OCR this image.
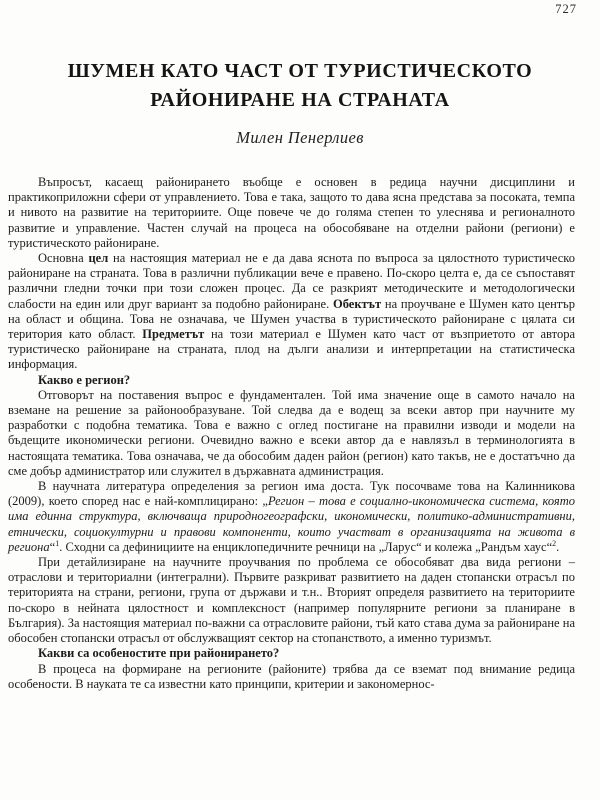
727
ШУМЕН КАТО ЧАСТ ОТ ТУРИСТИЧЕСКОТО
РАЙОНИРАНЕ НА СТРАНАТА
Милен Пенерлиев

Въпросът, касаещ районирането въобще е основен в редица научни дисциплини и практикоприложни сфери от управлението. Това е така, защото то дава ясна представа за посоката, темпа и нивото на развитие на териториите. Още повече че до голяма степен то улеснява и регионалното развитие и управление. Частен случай на процеса на обособяване на отделни райони (региони) е туристическото райониране.

Основна цел на настоящия материал не е да дава яснота по въпроса за цялостното туристическо райониране на страната. Това в различни публикации вече е правено. По-скоро целта е, да се съпоставят различни гледни точки при този сложен процес. Да се разкрият методическите и методологически слабости на един или друг вариант за подобно райониране. Обектът на проучване е Шумен като център на област и община. Това не означава, че Шумен участва в туристическото райониране с цялата си територия като област. Предметът на този материал е Шумен като част от възприетото от автора туристическо райониране на страната, плод на дълги анализи и интерпретации на статистическа информация.

Какво е регион?

Отговорът на поставения въпрос е фундаментален. Той има значение още в самото начало на вземане на решение за районообразуване. Той следва да е водещ за всеки автор при научните му разработки с подобна тематика. Това е важно с оглед постигане на правилни изводи и модели на бъдещите икономически региони. Очевидно важно е всеки автор да е навлязъл в терминологията в настоящата тематика. Това означава, че да обособим даден район (регион) като такъв, не е достатъчно да сме добър администратор или служител в държавната администрация.

В научната литература определения за регион има доста. Тук посочваме това на Калинникова (2009), което според нас е най-комплицирано: „Регион – това е социално-икономическа система, която има единна структура, включваща природногеографски, икономически, политико-административни, етнически, социокултурни и правови компоненти, които участват в организацията на живота в региона“$^1$. Сходни са дефинициите на енциклопедичните речници на „Ларус“ и колежа „Рандъм хаус“$^2$.

При детайлизиране на научните проучвания по проблема се обособяват два вида региони – отраслови и териториални (интегрални). Първите разкриват развитието на даден стопански отрасъл по територията на страни, региони, група от държави и т.н.. Вторият определя развитието на териториите по-скоро в нейната цялостност и комплексност (например популярните региони за планиране в България). За настоящия материал по-важни са отрасловите райони, тъй като става дума за райониране на обособен стопански отрасъл от обслужващият сектор на стопанството, а именно туризмът.

Какви са особеностите при районирането?

В процеса на формиране на регионите (районите) трябва да се вземат под внимание редица особености. В науката те са известни като принципи, критерии и закономернос-
